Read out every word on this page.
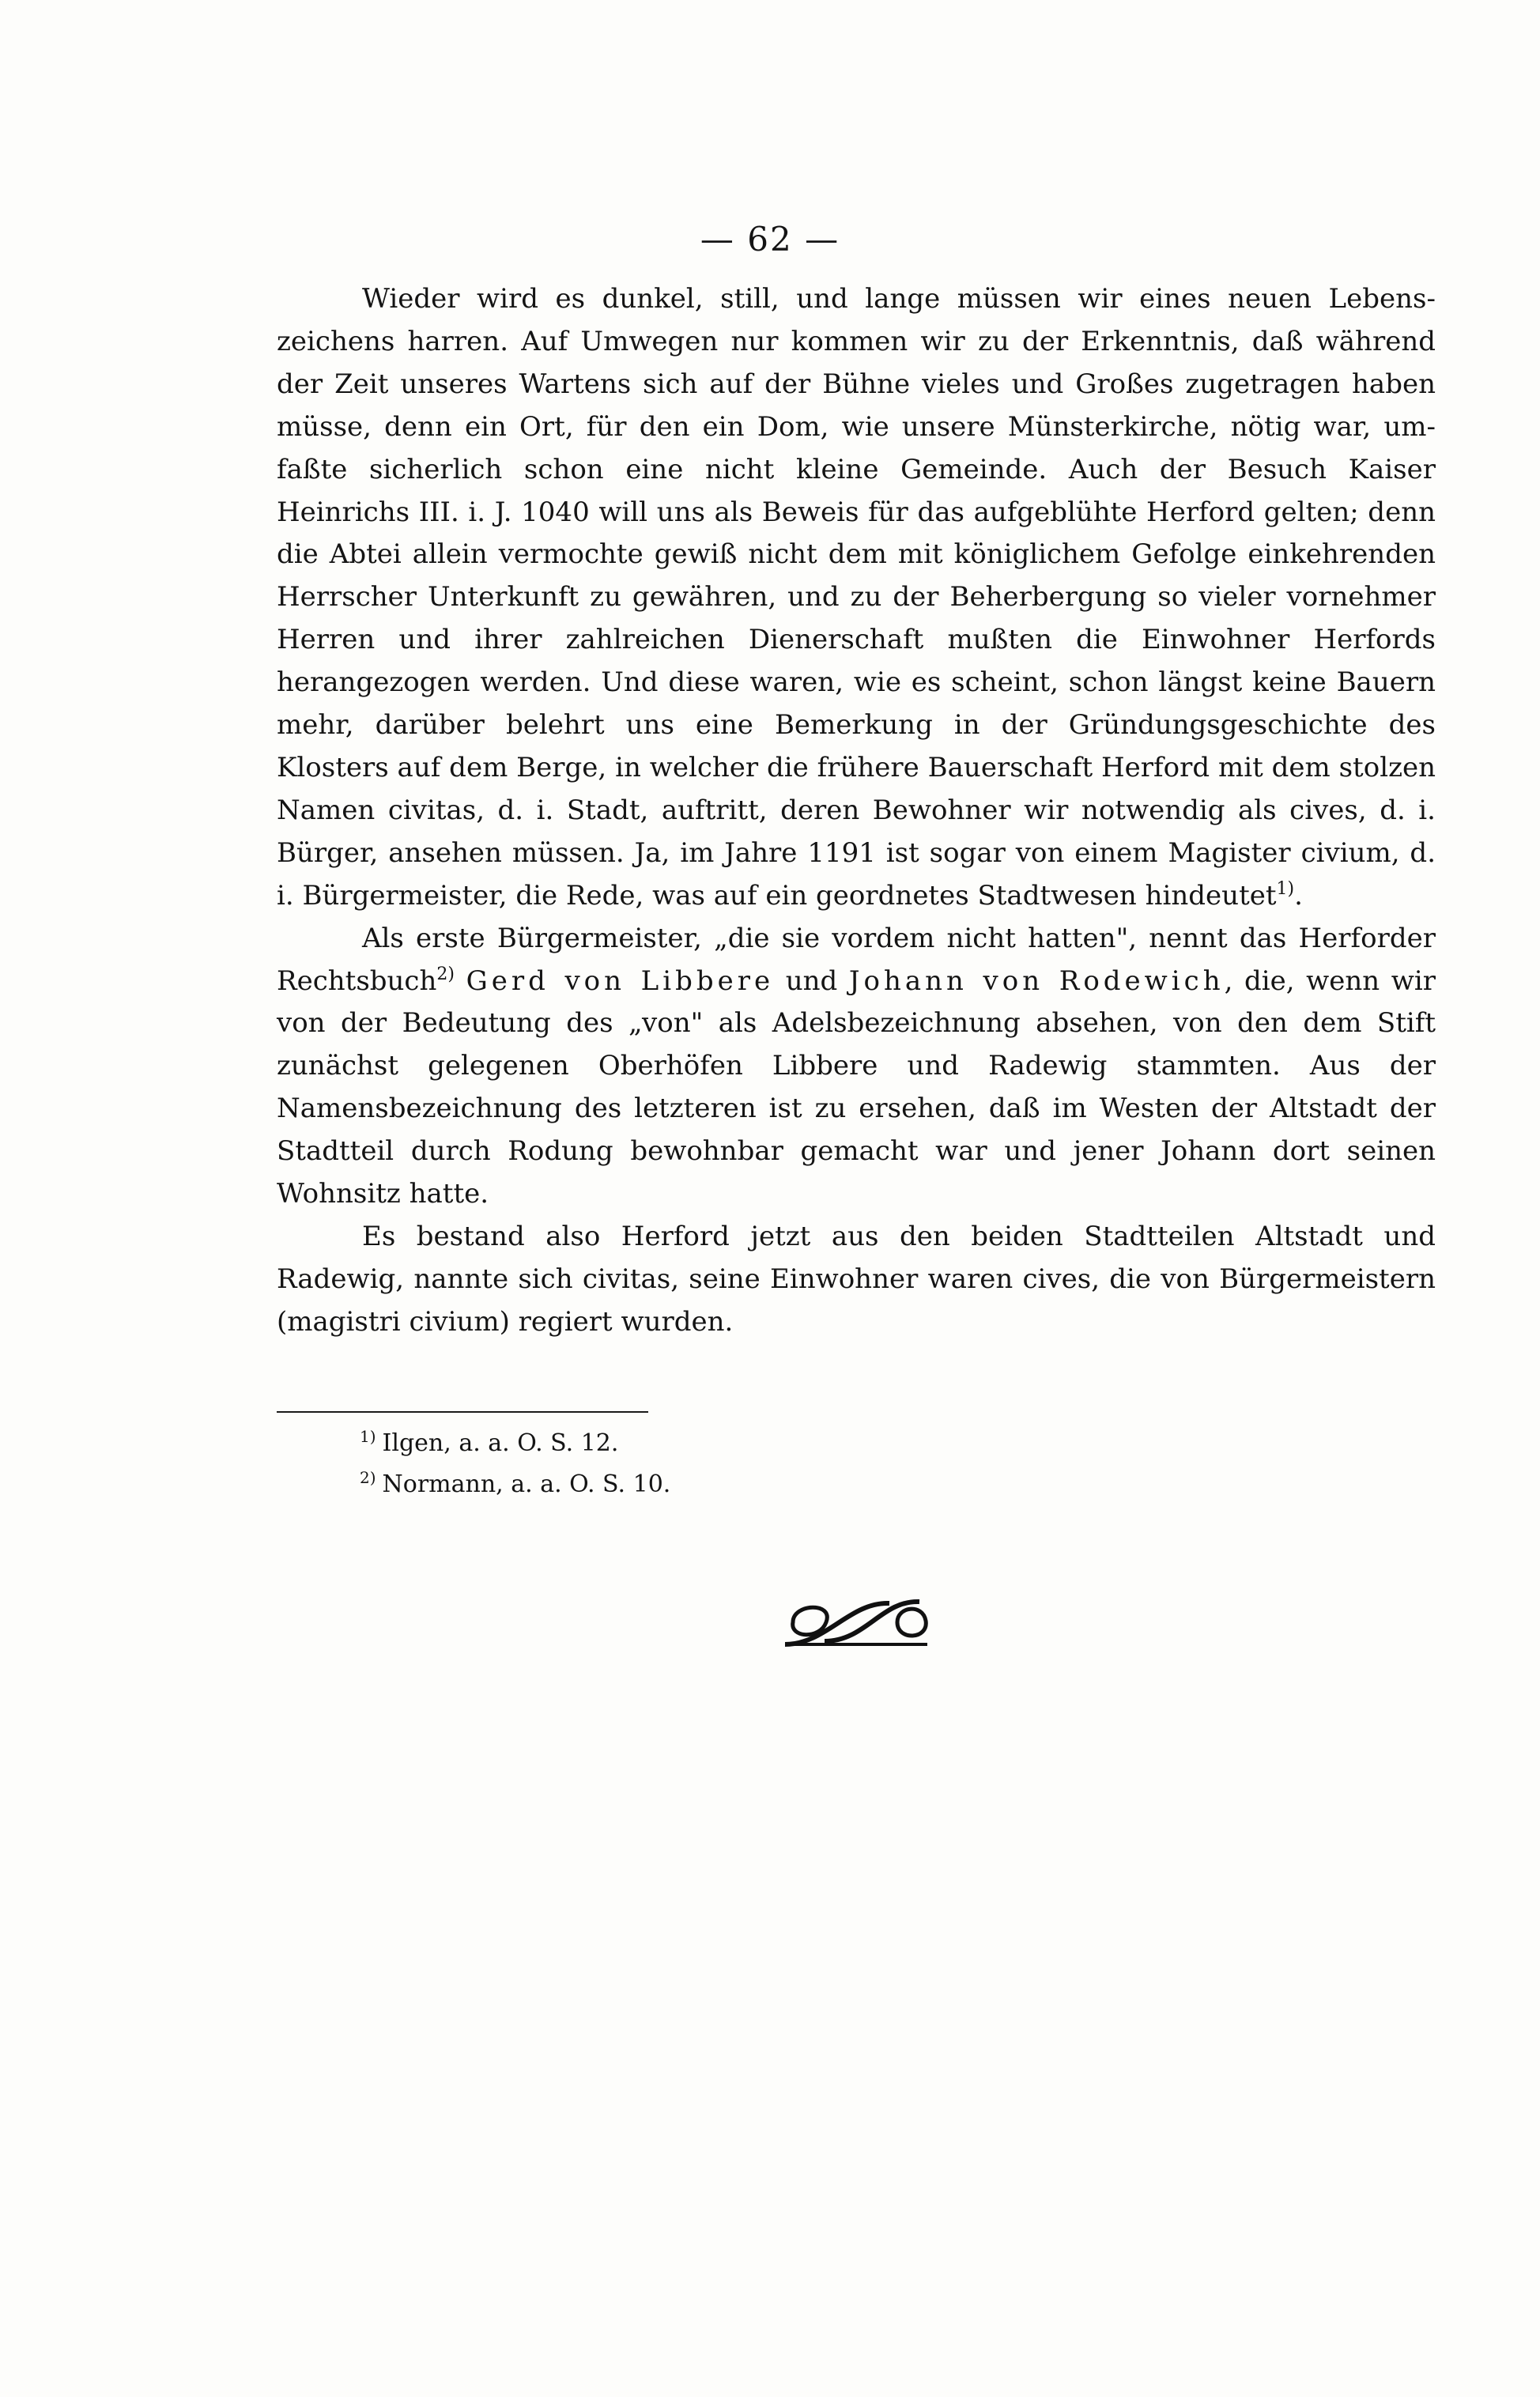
— 62 —

Wieder wird es dunkel, still, und lange müssen wir eines neuen Lebenszeichens harren. Auf Umwegen nur kommen wir zu der Erkenntnis, daß während der Zeit unseres Wartens sich auf der Bühne vieles und Großes zugetragen haben müsse, denn ein Ort, für den ein Dom, wie unsere Münsterkirche, nötig war, umfaßte sicherlich schon eine nicht kleine Gemeinde. Auch der Besuch Kaiser Heinrichs III. i. J. 1040 will uns als Beweis für das aufgeblühte Herford gelten; denn die Abtei allein vermochte gewiß nicht dem mit königlichem Gefolge einkehrenden Herrscher Unterkunft zu gewähren, und zu der Beherbergung so vieler vornehmer Herren und ihrer zahlreichen Dienerschaft mußten die Einwohner Herfords herangezogen werden. Und diese waren, wie es scheint, schon längst keine Bauern mehr, darüber belehrt uns eine Bemerkung in der Gründungsgeschichte des Klosters auf dem Berge, in welcher die frühere Bauerschaft Herford mit dem stolzen Namen civitas, d. i. Stadt, auftritt, deren Bewohner wir notwendig als cives, d. i. Bürger, ansehen müssen. Ja, im Jahre 1191 ist sogar von einem Magister civium, d. i. Bürgermeister, die Rede, was auf ein geordnetes Stadtwesen hindeutet$^{1)}$.

Als erste Bürgermeister, „die sie vordem nicht hatten", nennt das Herforder Rechtsbuch$^{2)}$ Gerd von Libbere und Johann von Rodewich, die, wenn wir von der Bedeutung des „von" als Adelsbezeichnung absehen, von den dem Stift zunächst gelegenen Oberhöfen Libbere und Radewig stammten. Aus der Namensbezeichnung des letzteren ist zu ersehen, daß im Westen der Altstadt der Stadtteil durch Rodung bewohnbar gemacht war und jener Johann dort seinen Wohnsitz hatte.

Es bestand also Herford jetzt aus den beiden Stadtteilen Altstadt und Radewig, nannte sich civitas, seine Einwohner waren cives, die von Bürgermeistern (magistri civium) regiert wurden.

$^{1)}$ Ilgen, a. a. O. S. 12.
$^{2)}$ Normann, a. a. O. S. 10.
